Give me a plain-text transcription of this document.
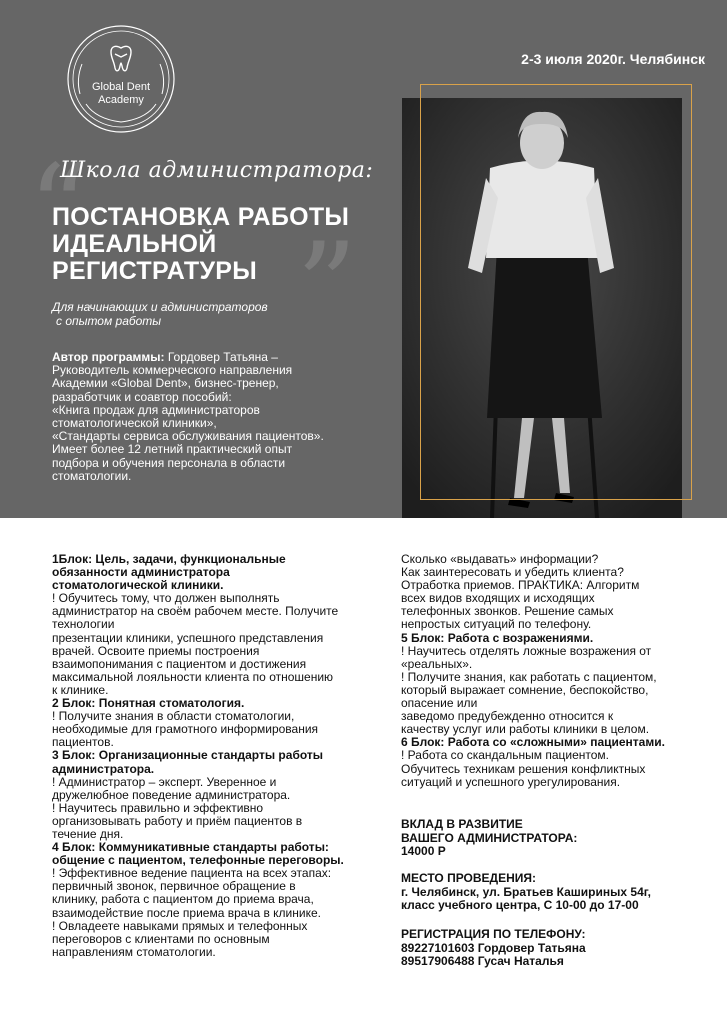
Global Dent
Academy
2-3 июля 2020г. Челябинск
“
”
Школа администратора:
ПОСТАНОВКА РАБОТЫ
ИДЕАЛЬНОЙ
РЕГИСТРАТУРЫ
Для начинающих и администраторов
с опытом работы
Автор программы: Гордовер Татьяна –
Руководитель коммерческого направления
Академии «Global Dent», бизнес-тренер,
разработчик и соавтор пособий:
«Книга продаж для администраторов
стоматологической клиники»,
«Стандарты сервиса обслуживания пациентов».
Имеет более 12 летний практический опыт
подбора и обучения персонала в области
стоматологии.

1Блок: Цель, задачи, функциональные

обязанности администратора

стоматологической клиники.

! Обучитесь тому, что должен выполнять

администратор на своём рабочем месте. Получите

технологии

презентации клиники, успешного представления

врачей. Освоите приемы построения

взаимопонимания с пациентом и достижения

максимальной лояльности клиента по отношению

к клинике.

2 Блок: Понятная стоматология.

! Получите знания в области стоматологии,

необходимые для грамотного информирования

пациентов.

3 Блок: Организационные стандарты работы

администратора.

! Администратор – эксперт. Уверенное и

дружелюбное поведение администратора.

! Научитесь правильно и эффективно

организовывать работу и приём пациентов в

течение дня.

4 Блок: Коммуникативные стандарты работы:

общение с пациентом, телефонные переговоры.

! Эффективное ведение пациента на всех этапах:

первичный звонок, первичное обращение в

клинику, работа с пациентом до приема врача,

взаимодействие после приема врача в клинике.

! Овладеете навыками прямых и телефонных

переговоров с клиентами по основным

направлениям стоматологии.

Сколько «выдавать» информации?

Как заинтересовать и убедить клиента?

Отработка приемов. ПРАКТИКА: Алгоритм

всех видов входящих и исходящих

телефонных звонков. Решение самых

непростых ситуаций по телефону.

5 Блок: Работа с возражениями.

! Научитесь отделять ложные возражения от

«реальных».

! Получите знания, как работать с пациентом,

который выражает сомнение, беспокойство,

опасение или

заведомо предубежденно относится к

качеству услуг или работы клиники в целом.

6 Блок: Работа со «сложными» пациентами.

! Работа со скандальным пациентом.

Обучитесь техникам решения конфликтных

ситуаций и успешного урегулирования.

ВКЛАД В РАЗВИТИЕ
ВАШЕГО АДМИНИСТРАТОРА:
14000 Р
МЕСТО ПРОВЕДЕНИЯ:
г. Челябинск, ул. Братьев Кашириных 54г,
класс учебного центра, С 10-00 до 17-00
РЕГИСТРАЦИЯ ПО ТЕЛЕФОНУ:
89227101603 Гордовер Татьяна
89517906488 Гусач Наталья
